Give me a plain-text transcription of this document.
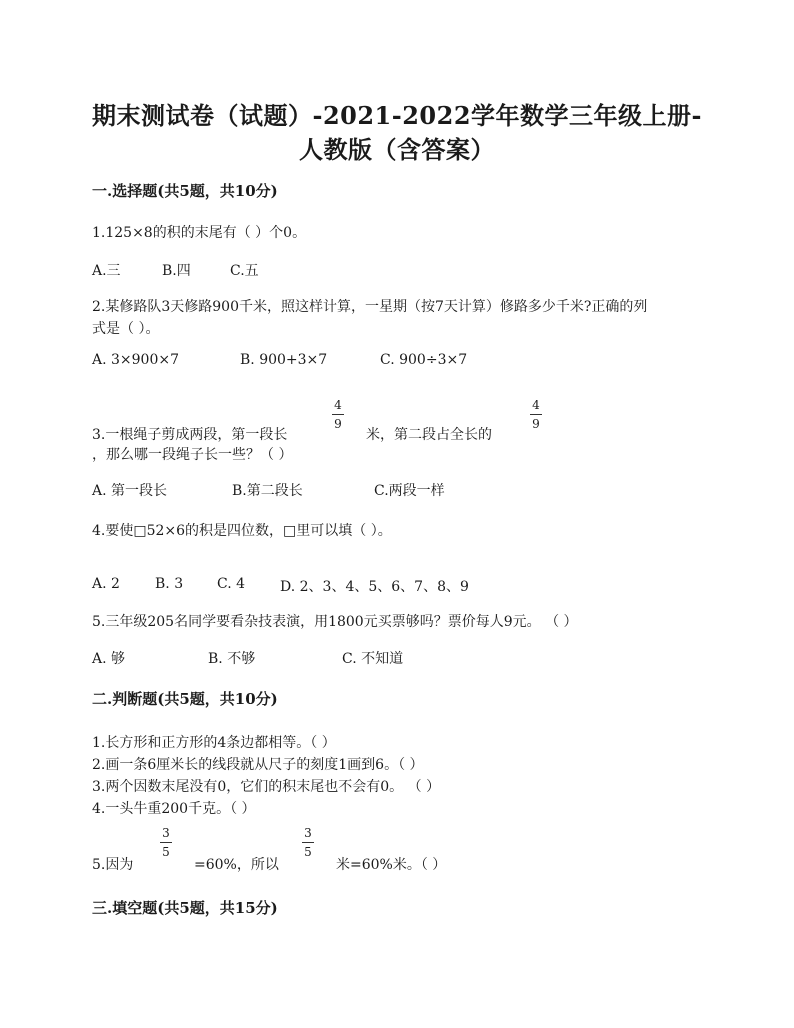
期末测试卷（试题）-2021-2022学年数学三年级上册-
人教版（含答案）
一.选择题(共5题，共10分)
1.125×8的积的末尾有（ ）个0。
A.三	B.四	C.五
2.某修路队3天修路900千米，照这样计算，一星期（按7天计算）修路多少千米?正确的列
式是（ ）。
A. 3×900×7	B. 900+3×7	C. 900÷3×7
3.一根绳子剪成两段，第一段长
4
9
米，第二段占全长的
4
9
，那么哪一段绳子长一些？（ ）
A. 第一段长	B.第二段长	C.两段一样
4.要使□52×6的积是四位数，□里可以填（ ）。
A. 2	B. 3 C. 4 D. 2、3、4、5、6、7、8、9
5.三年级205名同学要看杂技表演，用1800元买票够吗？票价每人9元。 （ ）
A. 够	B. 不够	C. 不知道
二.判断题(共5题，共10分)
1.长方形和正方形的4条边都相等。（ ）
2.画一条6厘米长的线段就从尺子的刻度1画到6。（ ）
3.两个因数末尾没有0，它们的积末尾也不会有0。 （ ）
4.一头牛重200千克。（ ）
5.因为
3
5
=60%，所以
3
5
米=60%米。（ ）
三.填空题(共5题，共15分)
